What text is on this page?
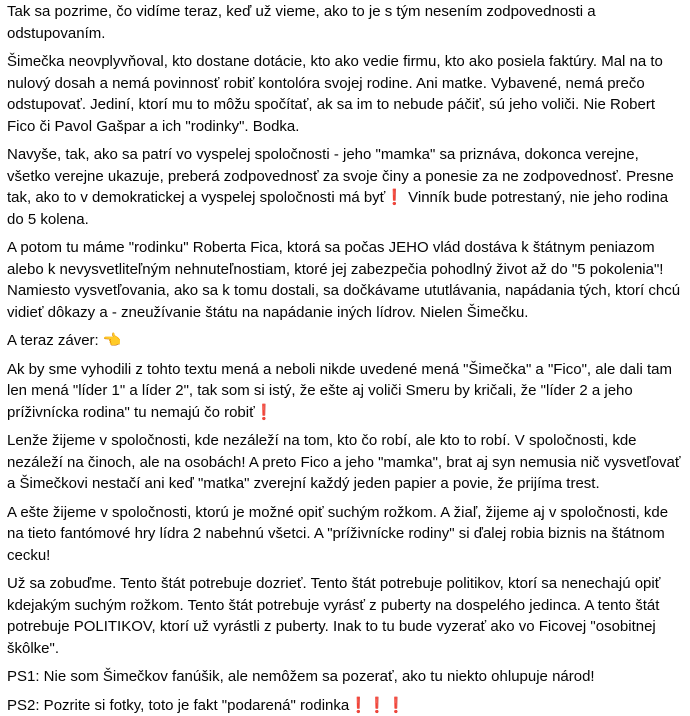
Tak sa pozrime, čo vidíme teraz, keď už vieme, ako to je s tým nesením zodpovednosti a odstupovaním.

Šimečka neovplyvňoval, kto dostane dotácie, kto ako vedie firmu, kto ako posiela faktúry. Mal na to nulový dosah a nemá povinnosť robiť kontolóra svojej rodine. Ani matke. Vybavené, nemá prečo odstupovať. Jediní, ktorí mu to môžu spočítať, ak sa im to nebude páčiť, sú jeho voliči. Nie Robert Fico či Pavol Gašpar a ich "rodinky". Bodka.

Navyše, tak, ako sa patrí vo vyspelej spoločnosti - jeho "mamka" sa priznáva, dokonca verejne, všetko verejne ukazuje, preberá zodpovednosť za svoje činy a ponesie za ne zodpovednosť. Presne tak, ako to v demokratickej a vyspelej spoločnosti má byť❗ Vinník bude potrestaný, nie jeho rodina do 5 kolena.

A potom tu máme "rodinku" Roberta Fica, ktorá sa počas JEHO vlád dostáva k štátnym peniazom alebo k nevysvetliteľným nehnuteľnostiam, ktoré jej zabezpečia pohodlný život až do "5 pokolenia"! Namiesto vysvetľovania, ako sa k tomu dostali, sa dočkávame ututlávania, napádania tých, ktorí chcú vidieť dôkazy a - zneužívanie štátu na napádanie iných lídrov. Nielen Šimečku.

A teraz záver: 👈

Ak by sme vyhodili z tohto textu mená a neboli nikde uvedené mená "Šimečka" a "Fico", ale dali tam len mená "líder 1" a líder 2", tak som si istý, že ešte aj voliči Smeru by kričali, že "líder 2 a jeho príživnícka rodina" tu nemajú čo robiť❗

Lenže žijeme v spoločnosti, kde nezáleží na tom, kto čo robí, ale kto to robí. V spoločnosti, kde nezáleží na činoch, ale na osobách! A preto Fico a jeho "mamka", brat aj syn nemusia nič vysvetľovať a Šimečkovi nestačí ani keď "matka" zverejní každý jeden papier a povie, že prijíma trest.

A ešte žijeme v spoločnosti, ktorú je možné opiť suchým rožkom. A žiaľ, žijeme aj v spoločnosti, kde na tieto fantómové hry lídra 2 nabehnú všetci. A "príživnícke rodiny" si ďalej robia biznis na štátnom cecku!

Už sa zobuďme. Tento štát potrebuje dozrieť. Tento štát potrebuje politikov, ktorí sa nenechajú opiť kdejakým suchým rožkom. Tento štát potrebuje vyrásť z puberty na dospelého jedinca. A tento štát potrebuje POLITIKOV, ktorí už vyrástli z puberty. Inak to tu bude vyzerať ako vo Ficovej "osobitnej škôlke".

PS1: Nie som Šimečkov fanúšik, ale nemôžem sa pozerať, ako tu niekto ohlupuje národ!

PS2: Pozrite si fotky, toto je fakt "podarená" rodinka❗❗❗
